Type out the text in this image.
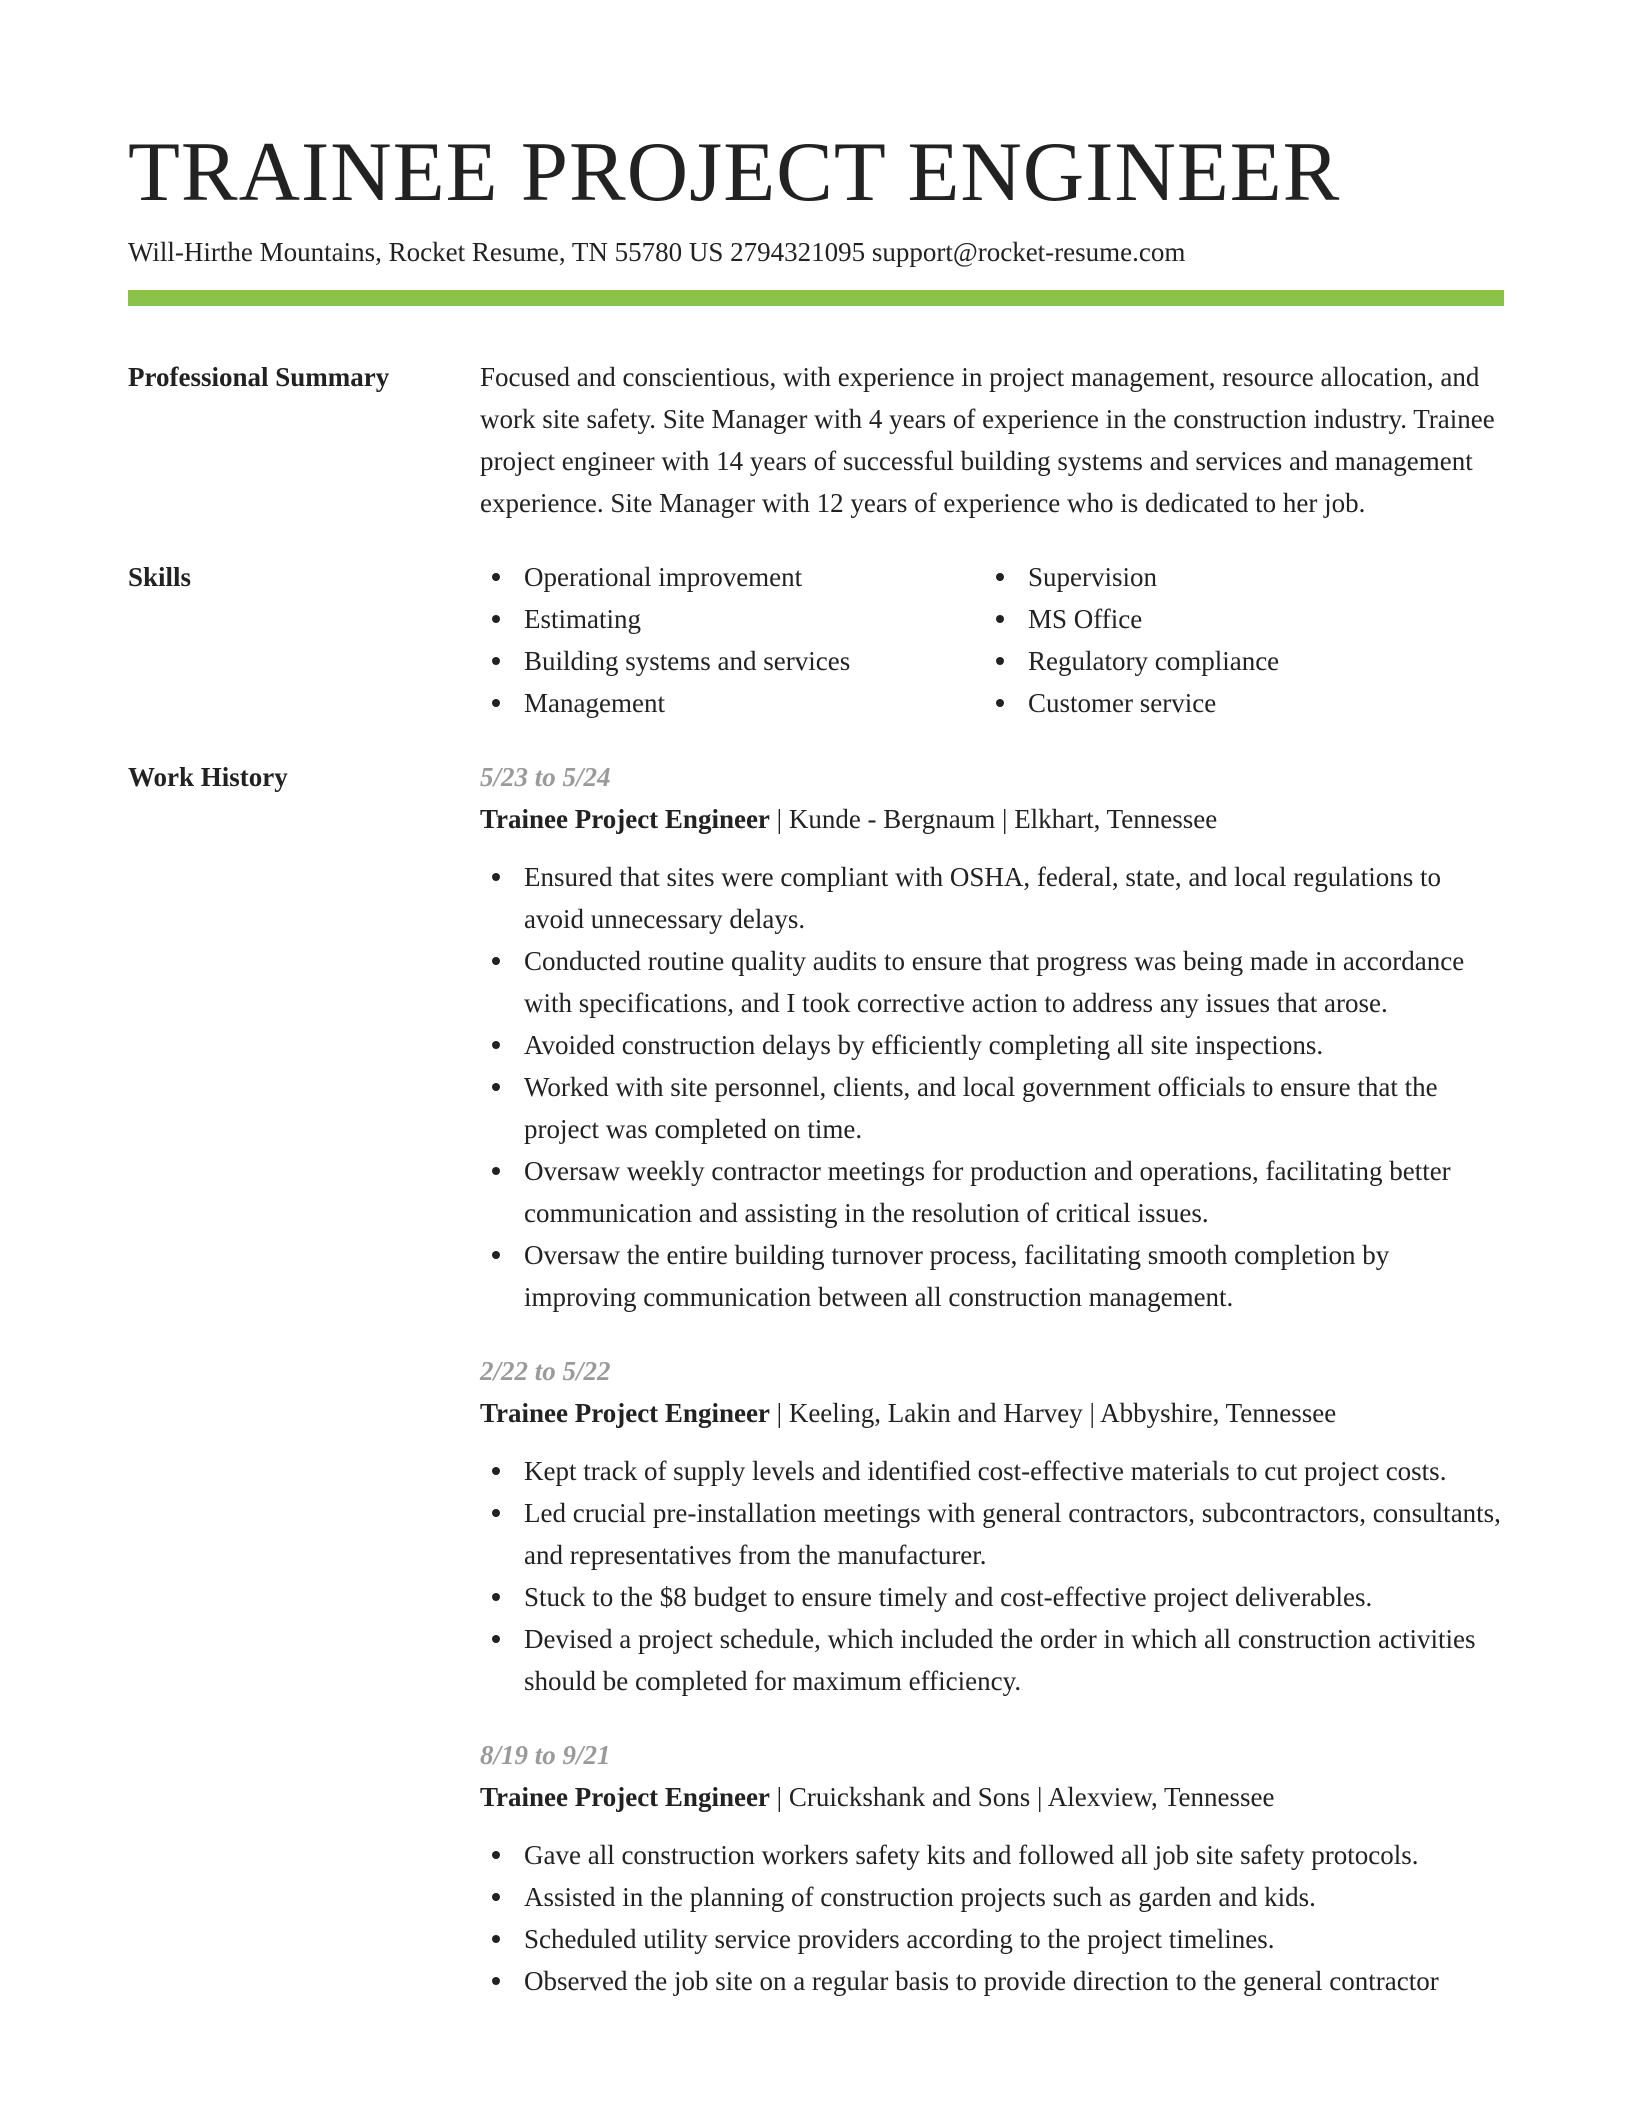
TRAINEE PROJECT ENGINEER
Will-Hirthe Mountains, Rocket Resume, TN 55780 US 2794321095 support@rocket-resume.com
Professional Summary	Focused and conscientious, with experience in project management, resource allocation, and work site safety. Site Manager with 4 years of experience in the construction industry. Trainee project engineer with 14 years of successful building systems and services and management experience. Site Manager with 12 years of experience who is dedicated to her job.
Skills	Operational improvement
Estimating
Building systems and services
Management
Supervision
MS Office
Regulatory compliance
Customer service
Work History	5/23 to 5/24
Trainee Project Engineer | Kunde - Bergnaum | Elkhart, Tennessee
Ensured that sites were compliant with OSHA, federal, state, and local regulations to avoid unnecessary delays.
Conducted routine quality audits to ensure that progress was being made in accordance with specifications, and I took corrective action to address any issues that arose.
Avoided construction delays by efficiently completing all site inspections.
Worked with site personnel, clients, and local government officials to ensure that the project was completed on time.
Oversaw weekly contractor meetings for production and operations, facilitating better communication and assisting in the resolution of critical issues.
Oversaw the entire building turnover process, facilitating smooth completion by improving communication between all construction management.
2/22 to 5/22
Trainee Project Engineer | Keeling, Lakin and Harvey | Abbyshire, Tennessee
Kept track of supply levels and identified cost-effective materials to cut project costs.
Led crucial pre-installation meetings with general contractors, subcontractors, consultants, and representatives from the manufacturer.
Stuck to the $8 budget to ensure timely and cost-effective project deliverables.
Devised a project schedule, which included the order in which all construction activities should be completed for maximum efficiency.
8/19 to 9/21
Trainee Project Engineer | Cruickshank and Sons | Alexview, Tennessee
Gave all construction workers safety kits and followed all job site safety protocols.
Assisted in the planning of construction projects such as garden and kids.
Scheduled utility service providers according to the project timelines.
Observed the job site on a regular basis to provide direction to the general contractor
